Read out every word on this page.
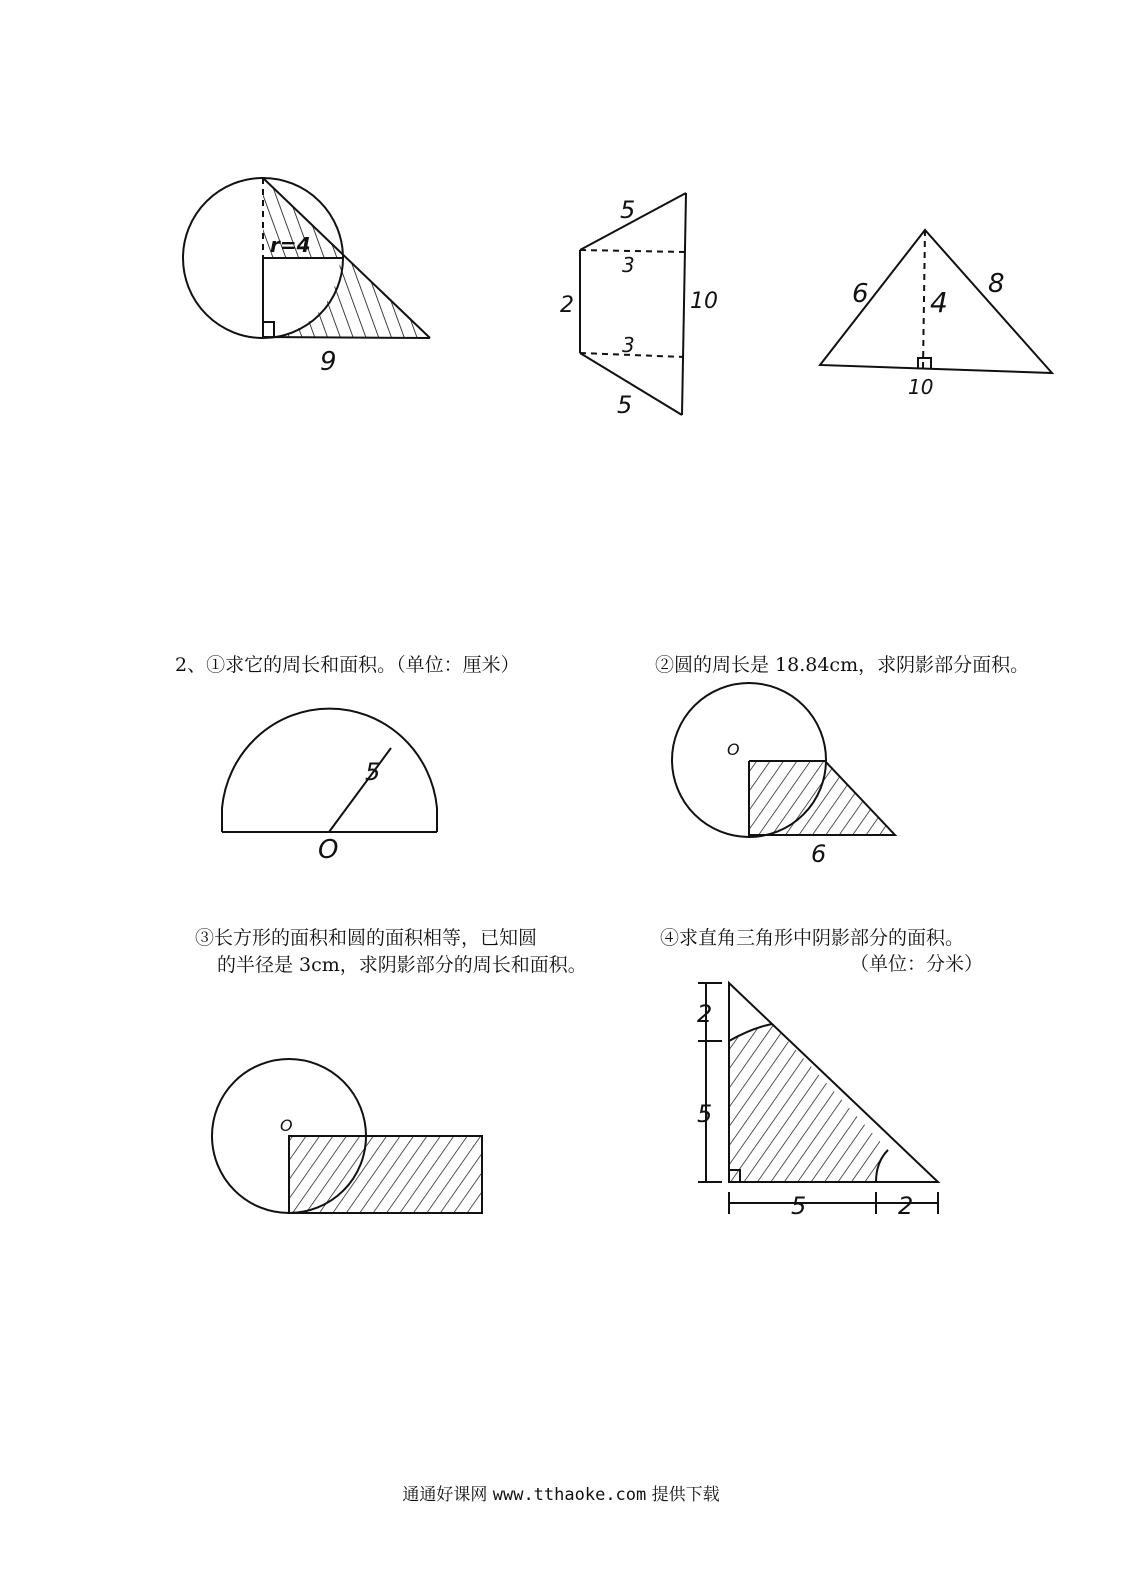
r=4
9
5
3
2	10
3
5
6	8
4
10
5
O
O
6
O
2
5
5	2
2、①求它的周长和面积。（单位：厘米）	②圆的周长是 18.84cm，求阴影部分面积。
③长方形的面积和圆的面积相等，已知圆
的半径是 3cm，求阴影部分的周长和面积。
④求直角三角形中阴影部分的面积。
（单位：分米）
通通好课网 www.tthaoke.com 提供下载
